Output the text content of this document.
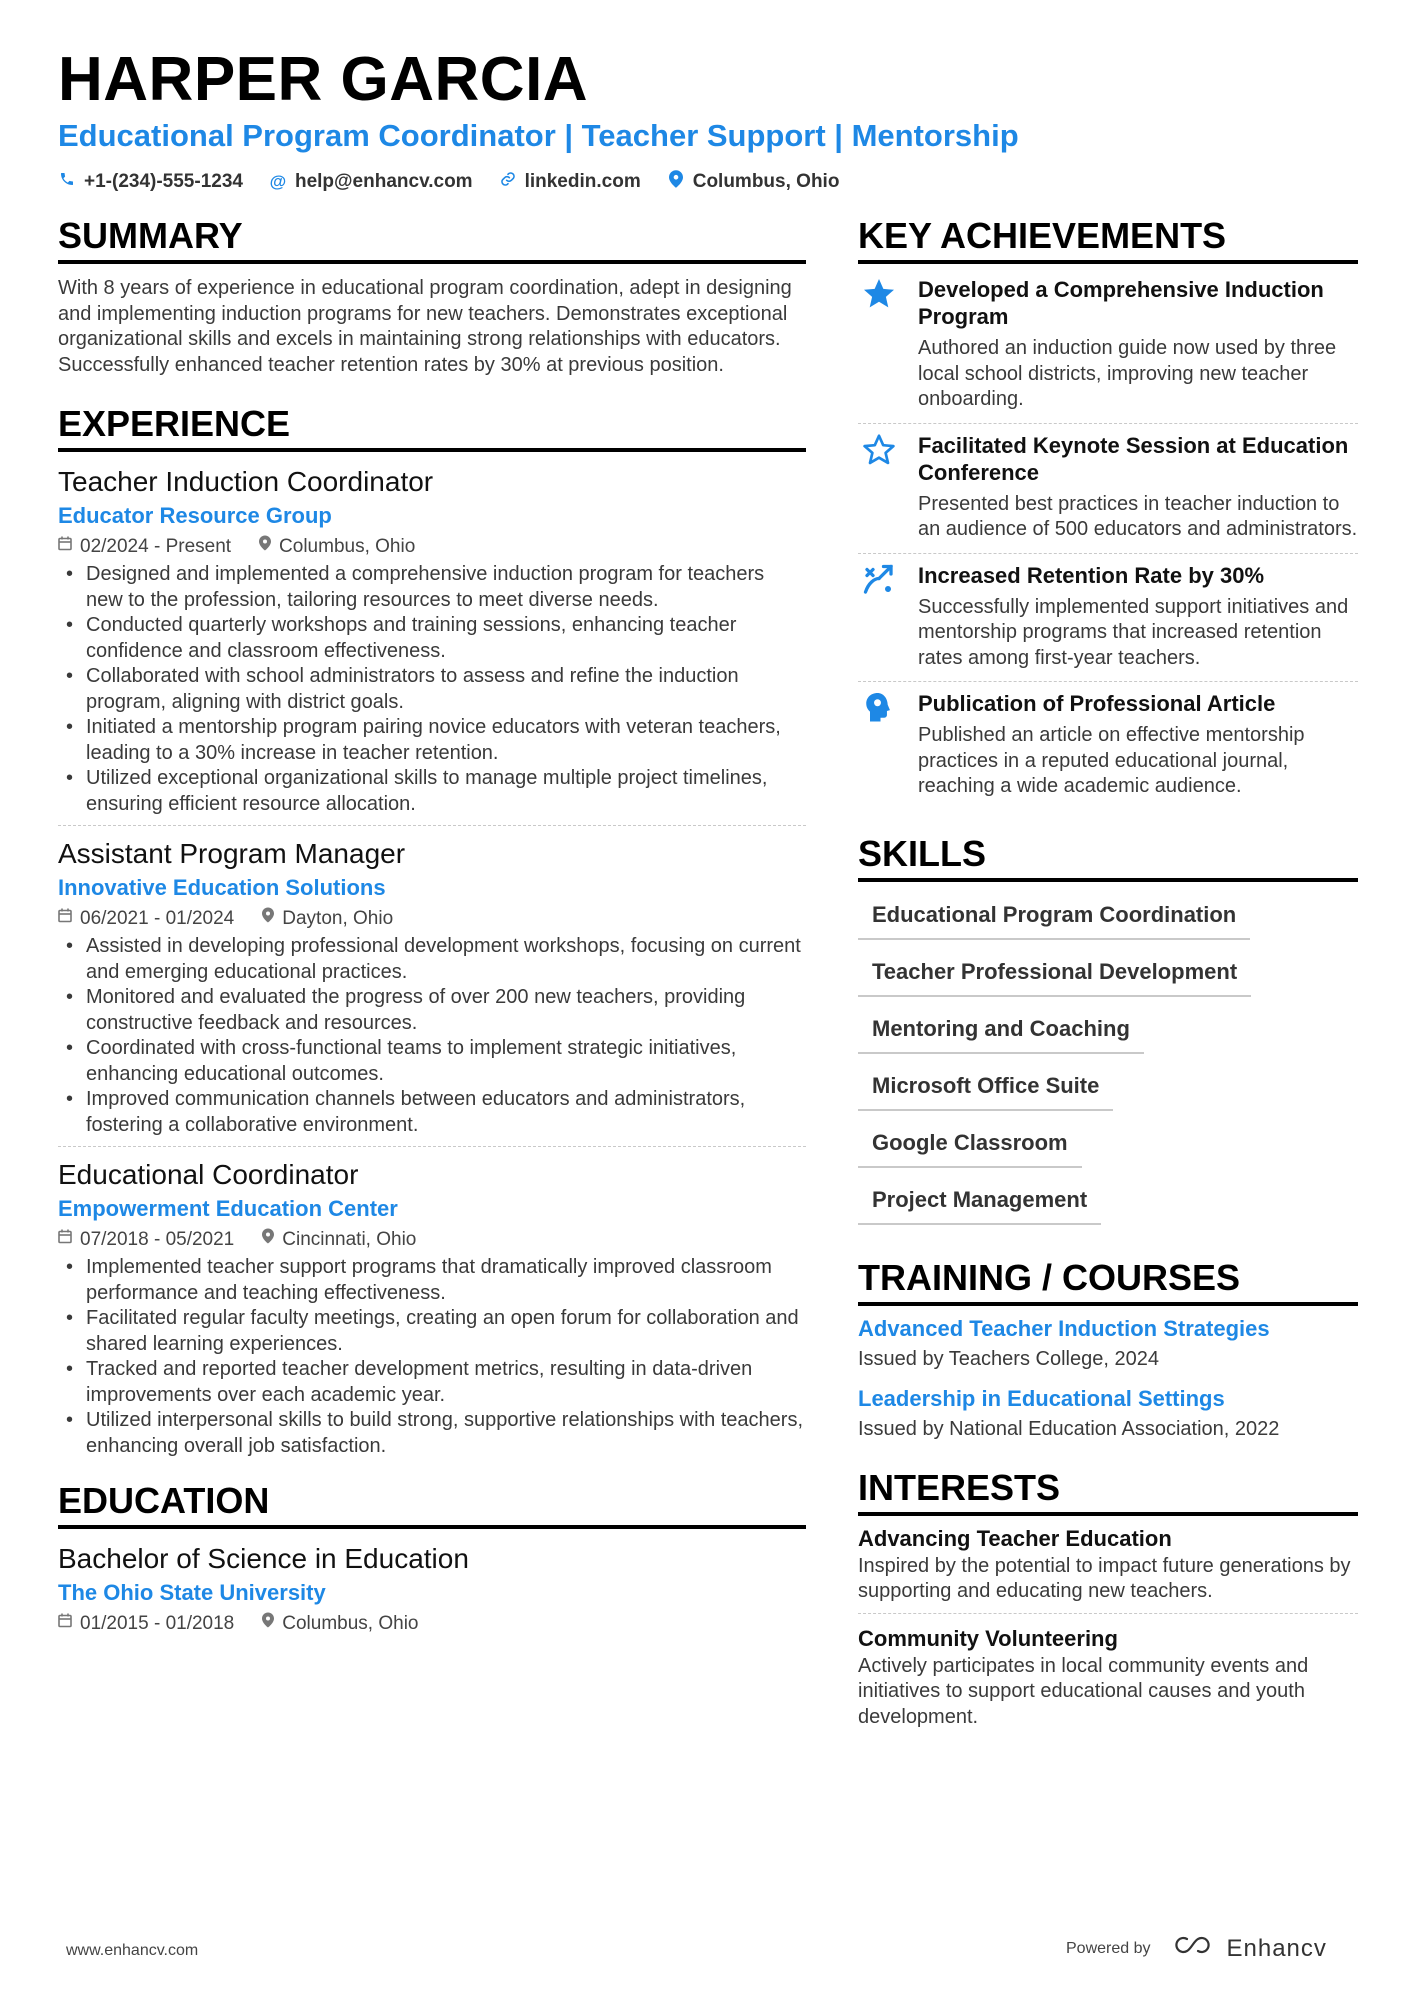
HARPER GARCIA
Educational Program Coordinator | Teacher Support | Mentorship
+1-(234)-555-1234 @ help@enhancv.com	linkedin.com	Columbus, Ohio
SUMMARY
With 8 years of experience in educational program coordination, adept in designing and implementing induction programs for new teachers. Demonstrates exceptional organizational skills and excels in maintaining strong relationships with educators. Successfully enhanced teacher retention rates by 30% at previous position.
EXPERIENCE
Teacher Induction Coordinator
Educator Resource Group
02/2024 - Present	Columbus, Ohio
• Designed and implemented a comprehensive induction program for teachers new to the profession, tailoring resources to meet diverse needs.
• Conducted quarterly workshops and training sessions, enhancing teacher confidence and classroom effectiveness.
• Collaborated with school administrators to assess and refine the induction program, aligning with district goals.
• Initiated a mentorship program pairing novice educators with veteran teachers, leading to a 30% increase in teacher retention.
• Utilized exceptional organizational skills to manage multiple project timelines, ensuring efficient resource allocation.
Assistant Program Manager
Innovative Education Solutions
06/2021 - 01/2024	Dayton, Ohio
• Assisted in developing professional development workshops, focusing on current and emerging educational practices.
• Monitored and evaluated the progress of over 200 new teachers, providing constructive feedback and resources.
• Coordinated with cross-functional teams to implement strategic initiatives, enhancing educational outcomes.
• Improved communication channels between educators and administrators, fostering a collaborative environment.
Educational Coordinator
Empowerment Education Center
07/2018 - 05/2021	Cincinnati, Ohio
• Implemented teacher support programs that dramatically improved classroom performance and teaching effectiveness.
• Facilitated regular faculty meetings, creating an open forum for collaboration and shared learning experiences.
• Tracked and reported teacher development metrics, resulting in data-driven improvements over each academic year.
• Utilized interpersonal skills to build strong, supportive relationships with teachers, enhancing overall job satisfaction.
EDUCATION
Bachelor of Science in Education
The Ohio State University
01/2015 - 01/2018	Columbus, Ohio
KEY ACHIEVEMENTS
Developed a Comprehensive Induction Program
Authored an induction guide now used by three local school districts, improving new teacher onboarding.
Facilitated Keynote Session at Education Conference
Presented best practices in teacher induction to an audience of 500 educators and administrators.
Increased Retention Rate by 30%
Successfully implemented support initiatives and mentorship programs that increased retention rates among first-year teachers.
Publication of Professional Article
Published an article on effective mentorship practices in a reputed educational journal, reaching a wide academic audience.
SKILLS
Educational Program Coordination
Teacher Professional Development
Mentoring and Coaching
Microsoft Office Suite
Google Classroom
Project Management
TRAINING / COURSES
Advanced Teacher Induction Strategies
Issued by Teachers College, 2024
Leadership in Educational Settings
Issued by National Education Association, 2022
INTERESTS
Advancing Teacher Education
Inspired by the potential to impact future generations by supporting and educating new teachers.
Community Volunteering
Actively participates in local community events and initiatives to support educational causes and youth development.
www.enhancv.com	Powered by	Enhancv
